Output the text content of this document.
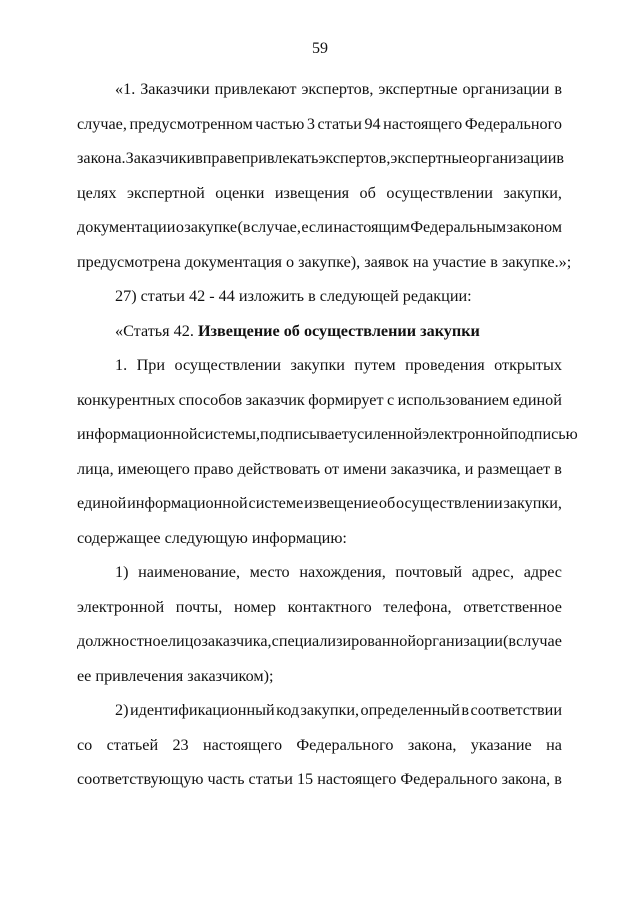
59
«1. Заказчики привлекают экспертов, экспертные организации в
случае, предусмотренном частью 3 статьи 94 настоящего Федерального
закона. Заказчики вправе привлекать экспертов, экспертные организации в
целях экспертной оценки извещения об осуществлении закупки,
документации о закупке (в случае, если настоящим Федеральным законом
предусмотрена документация о закупке), заявок на участие в закупке.»;
27) статьи 42 - 44 изложить в следующей редакции:
«Статья 42. Извещение об осуществлении закупки
1. При осуществлении закупки путем проведения открытых
конкурентных способов заказчик формирует с использованием единой
информационной системы, подписывает усиленной электронной подписью
лица, имеющего право действовать от имени заказчика, и размещает в
единой информационной системе извещение об осуществлении закупки,
содержащее следующую информацию:
1) наименование, место нахождения, почтовый адрес, адрес
электронной почты, номер контактного телефона, ответственное
должностное лицо заказчика, специализированной организации (в случае
ее привлечения заказчиком);
2) идентификационный код закупки, определенный в соответствии
со статьей 23 настоящего Федерального закона, указание на
соответствующую часть статьи 15 настоящего Федерального закона, в
